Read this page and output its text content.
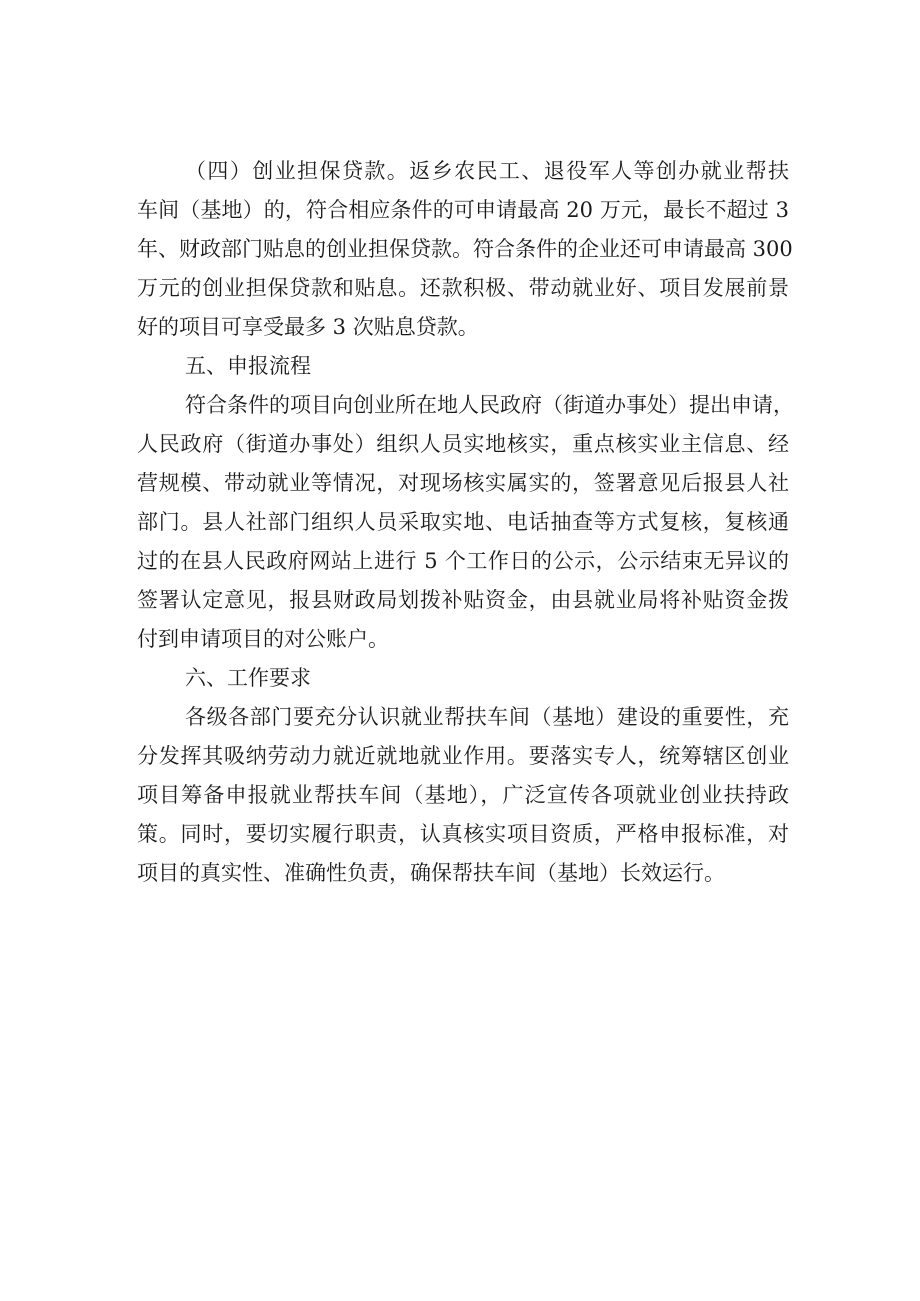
（四）创业担保贷款。返乡农民工、退役军人等创办就业帮扶
车间（基地）的，符合相应条件的可申请最高 20 万元，最长不超过 3
年、财政部门贴息的创业担保贷款。符合条件的企业还可申请最高 300
万元的创业担保贷款和贴息。还款积极、带动就业好、项目发展前景
好的项目可享受最多 3 次贴息贷款。
五、申报流程
符合条件的项目向创业所在地人民政府（街道办事处）提出申请，
人民政府（街道办事处）组织人员实地核实，重点核实业主信息、经
营规模、带动就业等情况，对现场核实属实的，签署意见后报县人社
部门。县人社部门组织人员采取实地、电话抽查等方式复核，复核通
过的在县人民政府网站上进行 5 个工作日的公示，公示结束无异议的
签署认定意见，报县财政局划拨补贴资金，由县就业局将补贴资金拨
付到申请项目的对公账户。
六、工作要求
各级各部门要充分认识就业帮扶车间（基地）建设的重要性，充
分发挥其吸纳劳动力就近就地就业作用。要落实专人，统筹辖区创业
项目筹备申报就业帮扶车间（基地），广泛宣传各项就业创业扶持政
策。同时，要切实履行职责，认真核实项目资质，严格申报标准，对
项目的真实性、准确性负责，确保帮扶车间（基地）长效运行。
